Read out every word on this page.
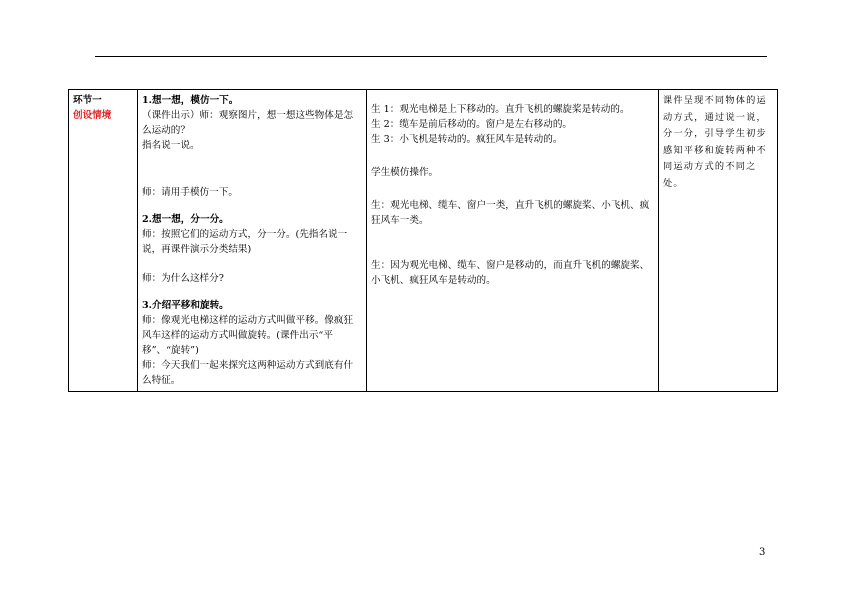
环节一
创设情境

1.想一想，模仿一下。
（课件出示）师：观察图片，想一想这些物体是怎么运动的？
指名说一说。
师：请用手模仿一下。
2.想一想，分一分。
师：按照它们的运动方式，分一分。(先指名说一说，再课件演示分类结果)
师：为什么这样分?
3.介绍平移和旋转。
师：像观光电梯这样的运动方式叫做平移。像疯狂风车这样的运动方式叫做旋转。(课件出示“平移”、“旋转”)
师：今天我们一起来探究这两种运动方式到底有什么特征。

生 1：观光电梯是上下移动的。直升飞机的螺旋桨是转动的。
生 2：缆车是前后移动的。窗户是左右移动的。
生 3：小飞机是转动的。疯狂风车是转动的。
学生模仿操作。
生：观光电梯、缆车、窗户一类，直升飞机的螺旋桨、小飞机、疯狂风车一类。
生：因为观光电梯、缆车、窗户是移动的，而直升飞机的螺旋桨、小飞机、疯狂风车是转动的。

课件呈现不同物体的运动方式，通过说一说，分一分，引导学生初步感知平移和旋转两种不同运动方式的不同之处。
3
